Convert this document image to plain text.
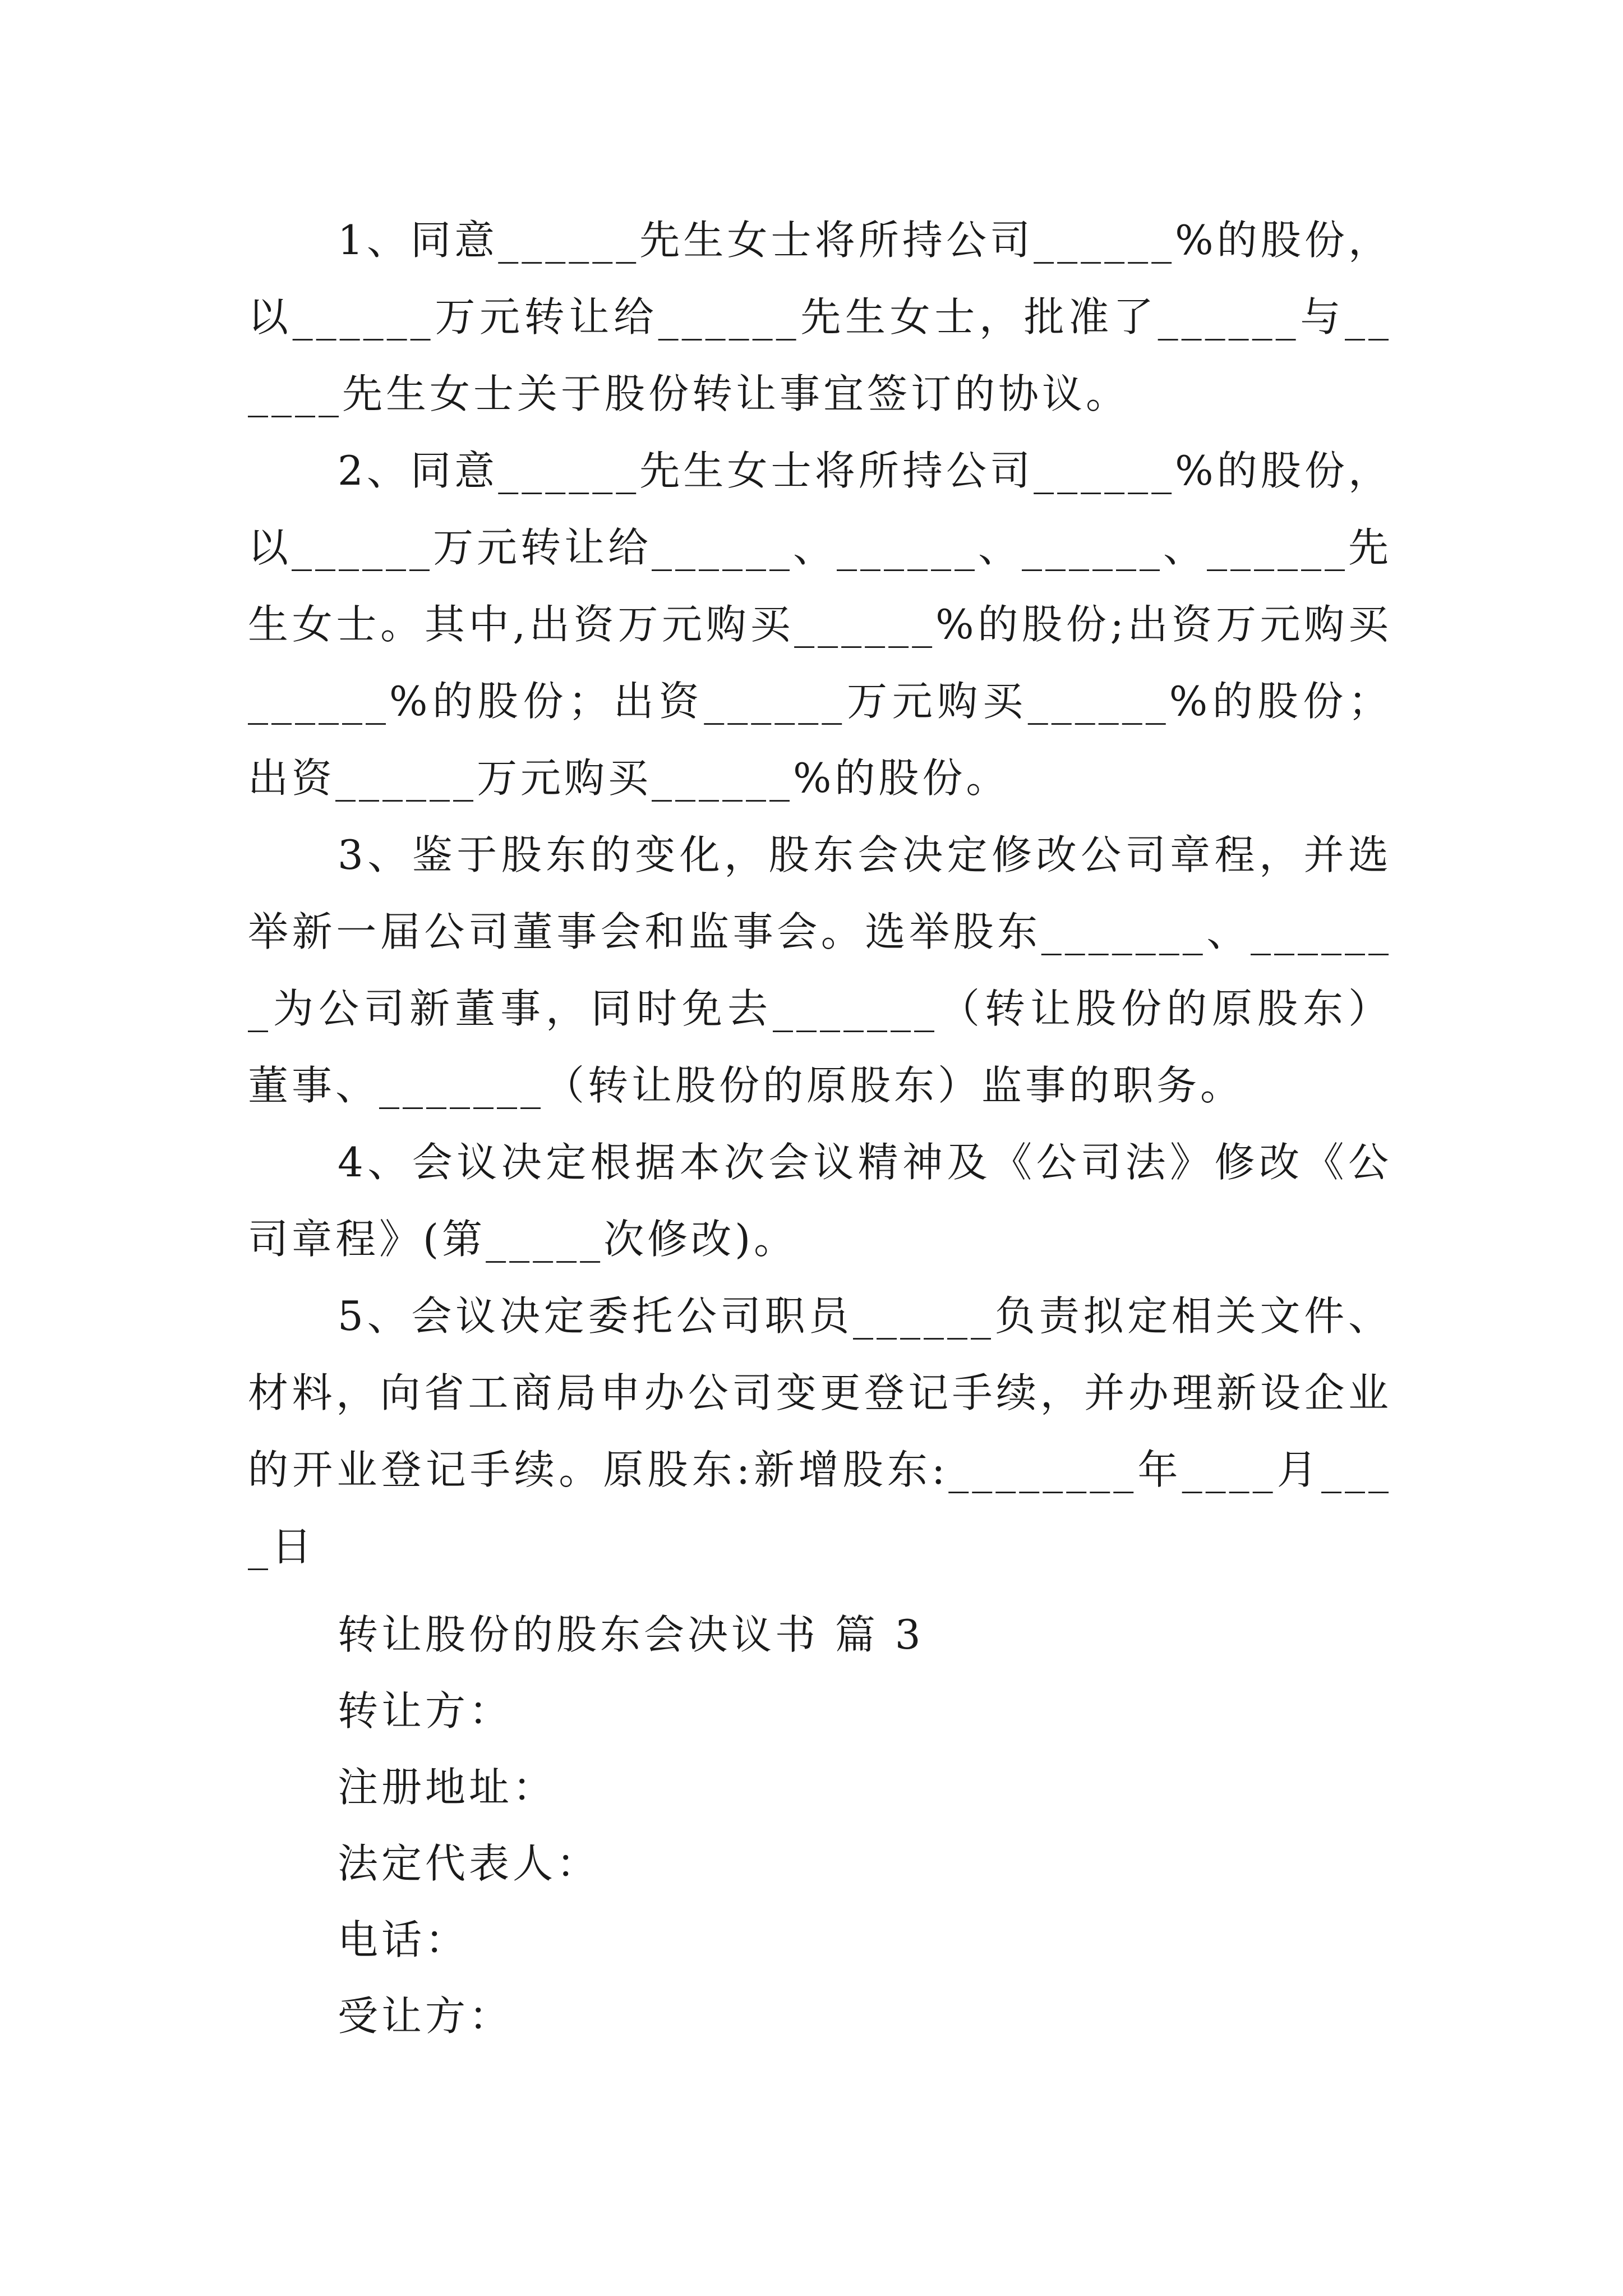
1、同意______先生女士将所持公司______%的股份，以______万元转让给______先生女士，批准了______与______先生女士关于股份转让事宜签订的协议。

2、同意______先生女士将所持公司______%的股份，以______万元转让给______、______、______、______先生女士。其中,出资万元购买______%的股份;出资万元购买______%的股份；出资______万元购买______%的股份；出资______万元购买______%的股份。

3、鉴于股东的变化，股东会决定修改公司章程，并选举新一届公司董事会和监事会。选举股东_______、_______为公司新董事，同时免去_______（转让股份的原股东）董事、_______（转让股份的原股东）监事的职务。

4、会议决定根据本次会议精神及《公司法》修改《公司章程》(第_____次修改)。

5、会议决定委托公司职员______负责拟定相关文件、材料，向省工商局申办公司变更登记手续，并办理新设企业的开业登记手续。原股东:新增股东:________年____月____日

转让股份的股东会决议书 篇 3

转让方：

注册地址：

法定代表人：

电话：

受让方：
